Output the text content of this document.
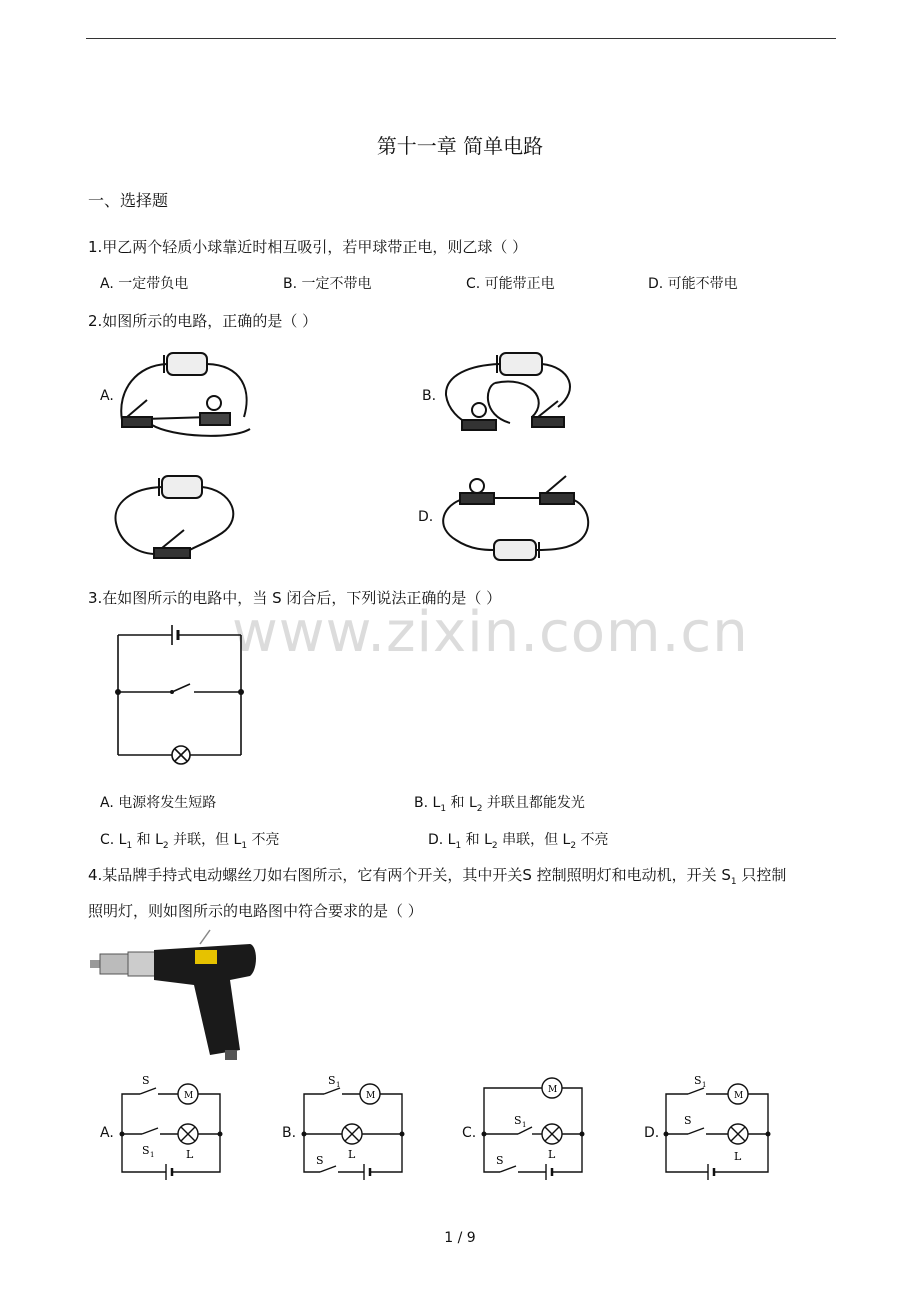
第十一章 简单电路
一、选择题
www.zixin.com.cn
1.甲乙两个轻质小球靠近时相互吸引，若甲球带正电，则乙球（ ）
A. 一定带负电	B. 一定不带电	C. 可能带正电	D. 可能不带电
2.如图所示的电路，正确的是（ ）
A.	B.
D.
3.在如图所示的电路中，当 S 闭合后，下列说法正确的是（ ）
A. 电源将发生短路	B. $L_1$ 和 $L_2$ 并联且都能发光
C. $L_1$ 和 $L_2$ 并联，但 $L_1$ 不亮	D. $L_1$ 和 $L_2$ 串联，但 $L_2$ 不亮
4.某品牌手持式电动螺丝刀如右图所示，它有两个开关，其中开关S 控制照明灯和电动机，开关 $S_1$ 只控制
照明灯，则如图所示的电路图中符合要求的是（ ）
A.
S
M
S 1	L
B.
S 1
M
L
S
C.
M
S 1
L
S
D.
S 1
M
S
L
1 / 9
